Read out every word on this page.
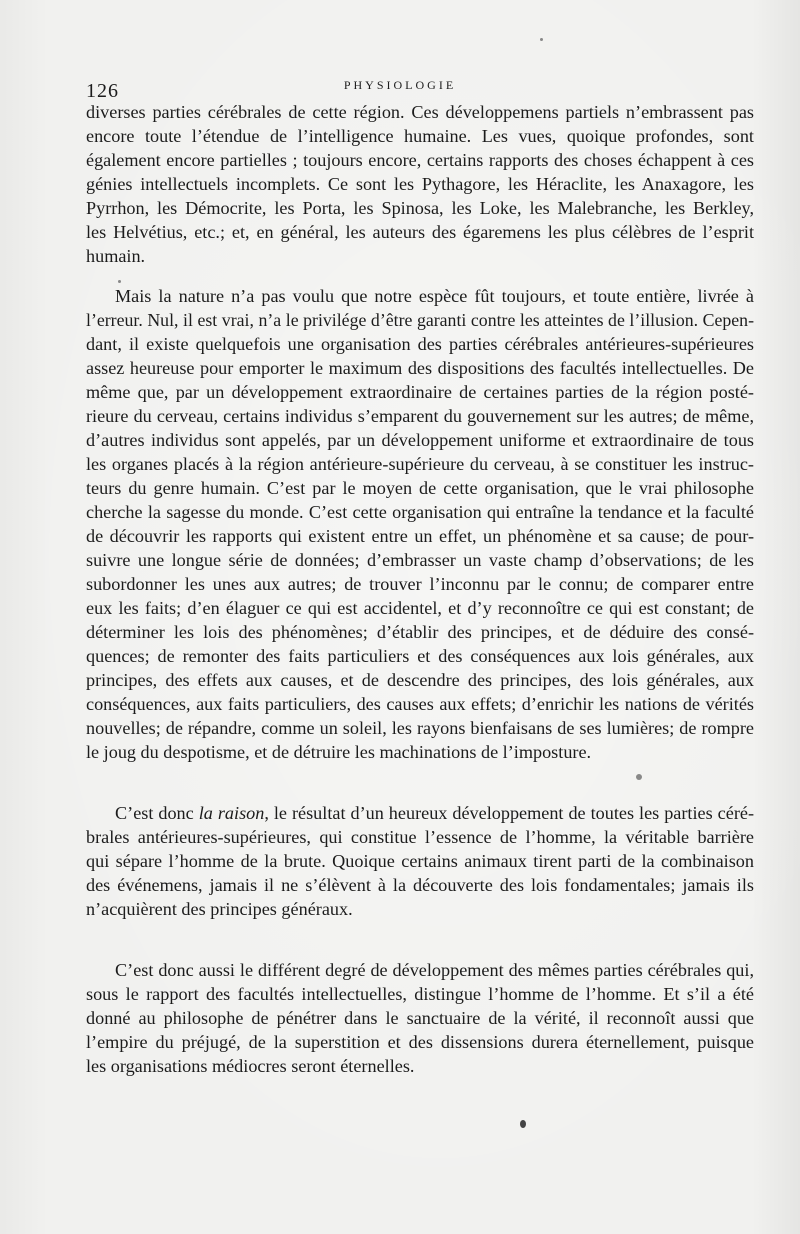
126	PHYSIOLOGIE
diverses parties cérébrales de cette région. Ces développemens partiels n’embrassent pas
encore toute l’étendue de l’intelligence humaine. Les vues, quoique profondes, sont
également encore partielles ; toujours encore, certains rapports des choses échappent à ces
génies intellectuels incomplets. Ce sont les Pythagore, les Héraclite, les Anaxagore, les
Pyrrhon, les Démocrite, les Porta, les Spinosa, les Loke, les Malebranche, les Berkley,
les Helvétius, etc.; et, en général, les auteurs des égaremens les plus célèbres de l’esprit
humain.
Mais la nature n’a pas voulu que notre espèce fût toujours, et toute entière, livrée à
l’erreur. Nul, il est vrai, n’a le privilége d’être garanti contre les atteintes de l’illusion. Cepen-
dant, il existe quelquefois une organisation des parties cérébrales antérieures-supérieures
assez heureuse pour emporter le maximum des dispositions des facultés intellectuelles. De
même que, par un développement extraordinaire de certaines parties de la région posté-
rieure du cerveau, certains individus s’emparent du gouvernement sur les autres; de même,
d’autres individus sont appelés, par un développement uniforme et extraordinaire de tous
les organes placés à la région antérieure-supérieure du cerveau, à se constituer les instruc-
teurs du genre humain. C’est par le moyen de cette organisation, que le vrai philosophe
cherche la sagesse du monde. C’est cette organisation qui entraîne la tendance et la faculté
de découvrir les rapports qui existent entre un effet, un phénomène et sa cause; de pour-
suivre une longue série de données; d’embrasser un vaste champ d’observations; de les
subordonner les unes aux autres; de trouver l’inconnu par le connu; de comparer entre
eux les faits; d’en élaguer ce qui est accidentel, et d’y reconnoître ce qui est constant; de
déterminer les lois des phénomènes; d’établir des principes, et de déduire des consé-
quences; de remonter des faits particuliers et des conséquences aux lois générales, aux
principes, des effets aux causes, et de descendre des principes, des lois générales, aux
conséquences, aux faits particuliers, des causes aux effets; d’enrichir les nations de vérités
nouvelles; de répandre, comme un soleil, les rayons bienfaisans de ses lumières; de rompre
le joug du despotisme, et de détruire les machinations de l’imposture.
C’est donc la raison, le résultat d’un heureux développement de toutes les parties céré-
brales antérieures-supérieures, qui constitue l’essence de l’homme, la véritable barrière
qui sépare l’homme de la brute. Quoique certains animaux tirent parti de la combinaison
des événemens, jamais il ne s’élèvent à la découverte des lois fondamentales; jamais ils
n’acquièrent des principes généraux.
C’est donc aussi le différent degré de développement des mêmes parties cérébrales qui,
sous le rapport des facultés intellectuelles, distingue l’homme de l’homme. Et s’il a été
donné au philosophe de pénétrer dans le sanctuaire de la vérité, il reconnoît aussi que
l’empire du préjugé, de la superstition et des dissensions durera éternellement, puisque
les organisations médiocres seront éternelles.
